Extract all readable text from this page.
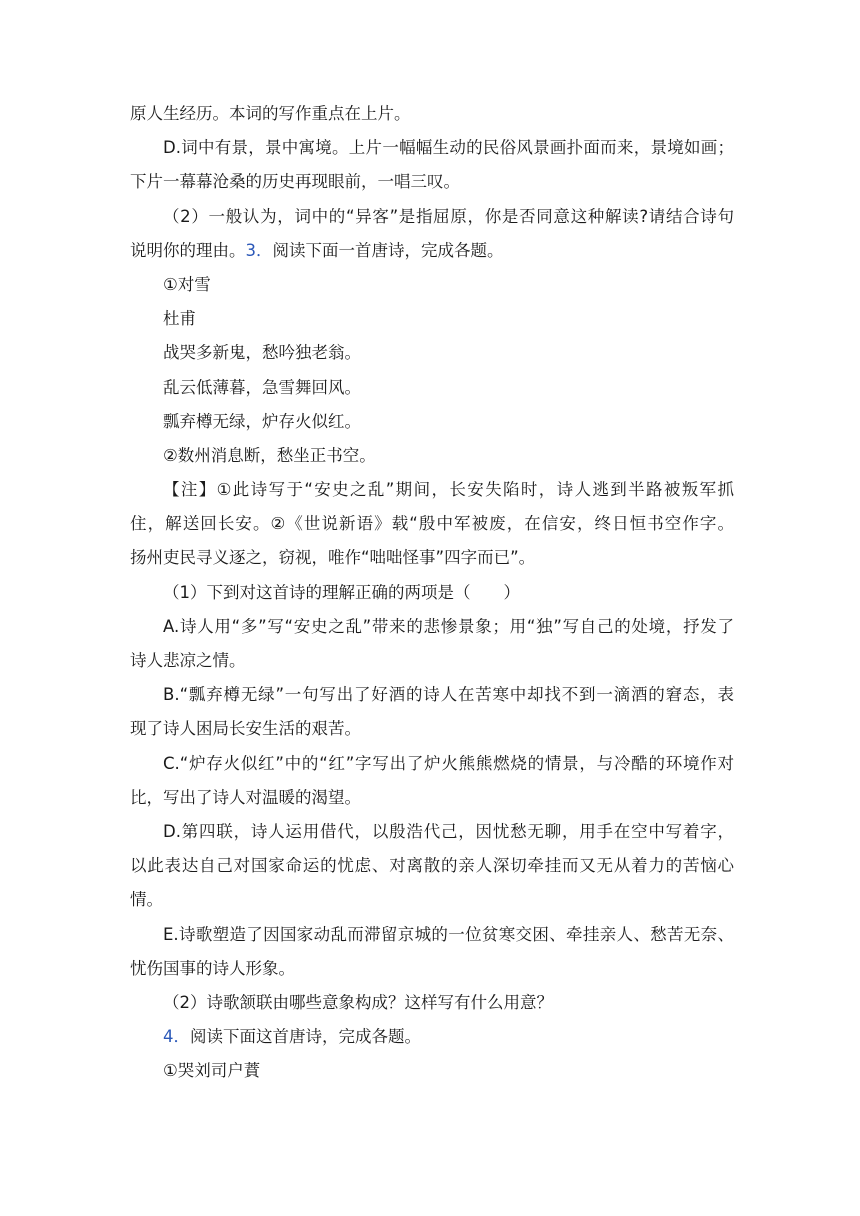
原人生经历。本词的写作重点在上片。

D.词中有景，景中寓境。上片一幅幅生动的民俗风景画扑面而来，景境如画；

下片一幕幕沧桑的历史再现眼前，一唱三叹。

（2）一般认为，词中的“异客”是指屈原，你是否同意这种解读?请结合诗句

说明你的理由。3．阅读下面一首唐诗，完成各题。

①对雪

杜甫

战哭多新鬼，愁吟独老翁。

乱云低薄暮，急雪舞回风。

瓢弃樽无绿，炉存火似红。

②数州消息断，愁坐正书空。

【注】①此诗写于“安史之乱”期间，长安失陷时，诗人逃到半路被叛军抓

住，解送回长安。②《世说新语》载“殷中军被废，在信安，终日恒书空作字。

扬州吏民寻义逐之，窃视，唯作“咄咄怪事”四字而已”。

（1）下到对这首诗的理解正确的两项是（　　）

A.诗人用“多”写“安史之乱”带来的悲惨景象；用“独”写自己的处境，抒发了

诗人悲凉之情。

B.“瓢弃樽无绿”一句写出了好酒的诗人在苦寒中却找不到一滴酒的窘态，表

现了诗人困局长安生活的艰苦。

C.“炉存火似红”中的“红”字写出了炉火熊熊燃烧的情景，与冷酷的环境作对

比，写出了诗人对温暖的渴望。

D.第四联，诗人运用借代，以殷浩代己，因忧愁无聊，用手在空中写着字，

以此表达自己对国家命运的忧虑、对离散的亲人深切牵挂而又无从着力的苦恼心

情。

E.诗歌塑造了因国家动乱而滞留京城的一位贫寒交困、牵挂亲人、愁苦无奈、

忧伤国事的诗人形象。

（2）诗歌颔联由哪些意象构成？这样写有什么用意？

4．阅读下面这首唐诗，完成各题。

①哭刘司户蕡
